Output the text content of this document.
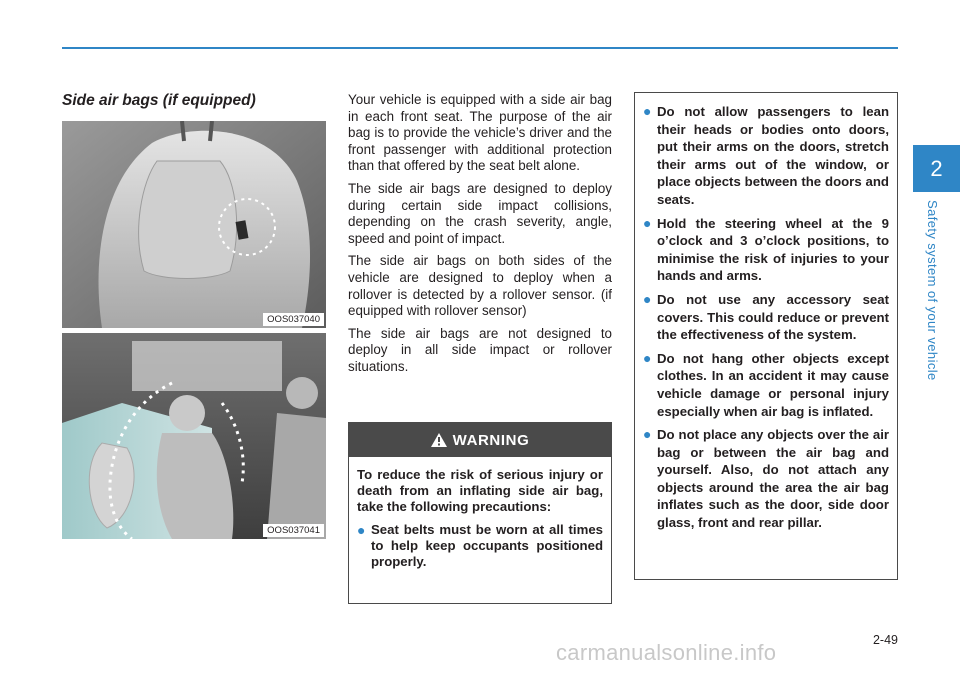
2
Safety system of your vehicle
Side air bags (if equipped)
OOS037040
OOS037041

Your vehicle is equipped with a side air bag in each front seat. The purpose of the air bag is to provide the vehicle’s driver and the front passenger with additional protection than that offered by the seat belt alone.

The side air bags are designed to deploy during certain side impact collisions, depending on the crash severity, angle, speed and point of impact.

The side air bags on both sides of the vehicle are designed to deploy when a rollover is detected by a rollover sensor. (if equipped with rollover sensor)

The side air bags are not designed to deploy in all side impact or rollover situations.

WARNING
To reduce the risk of serious injury or death from an inflating side air bag, take the following precautions:
● Seat belts must be worn at all times to help keep occupants positioned properly.
● Do not allow passengers to lean their heads or bodies onto doors, put their arms on the doors, stretch their arms out of the window, or place objects between the doors and seats.
● Hold the steering wheel at the 9 o’clock and 3 o’clock positions, to minimise the risk of injuries to your hands and arms.
● Do not use any accessory seat covers. This could reduce or prevent the effectiveness of the system.
● Do not hang other objects except clothes. In an accident it may cause vehicle damage or personal injury especially when air bag is inflated.
● Do not place any objects over the air bag or between the air bag and yourself. Also, do not attach any objects around the area the air bag inflates such as the door, side door glass, front and rear pillar.
2-49
carmanualsonline.info
